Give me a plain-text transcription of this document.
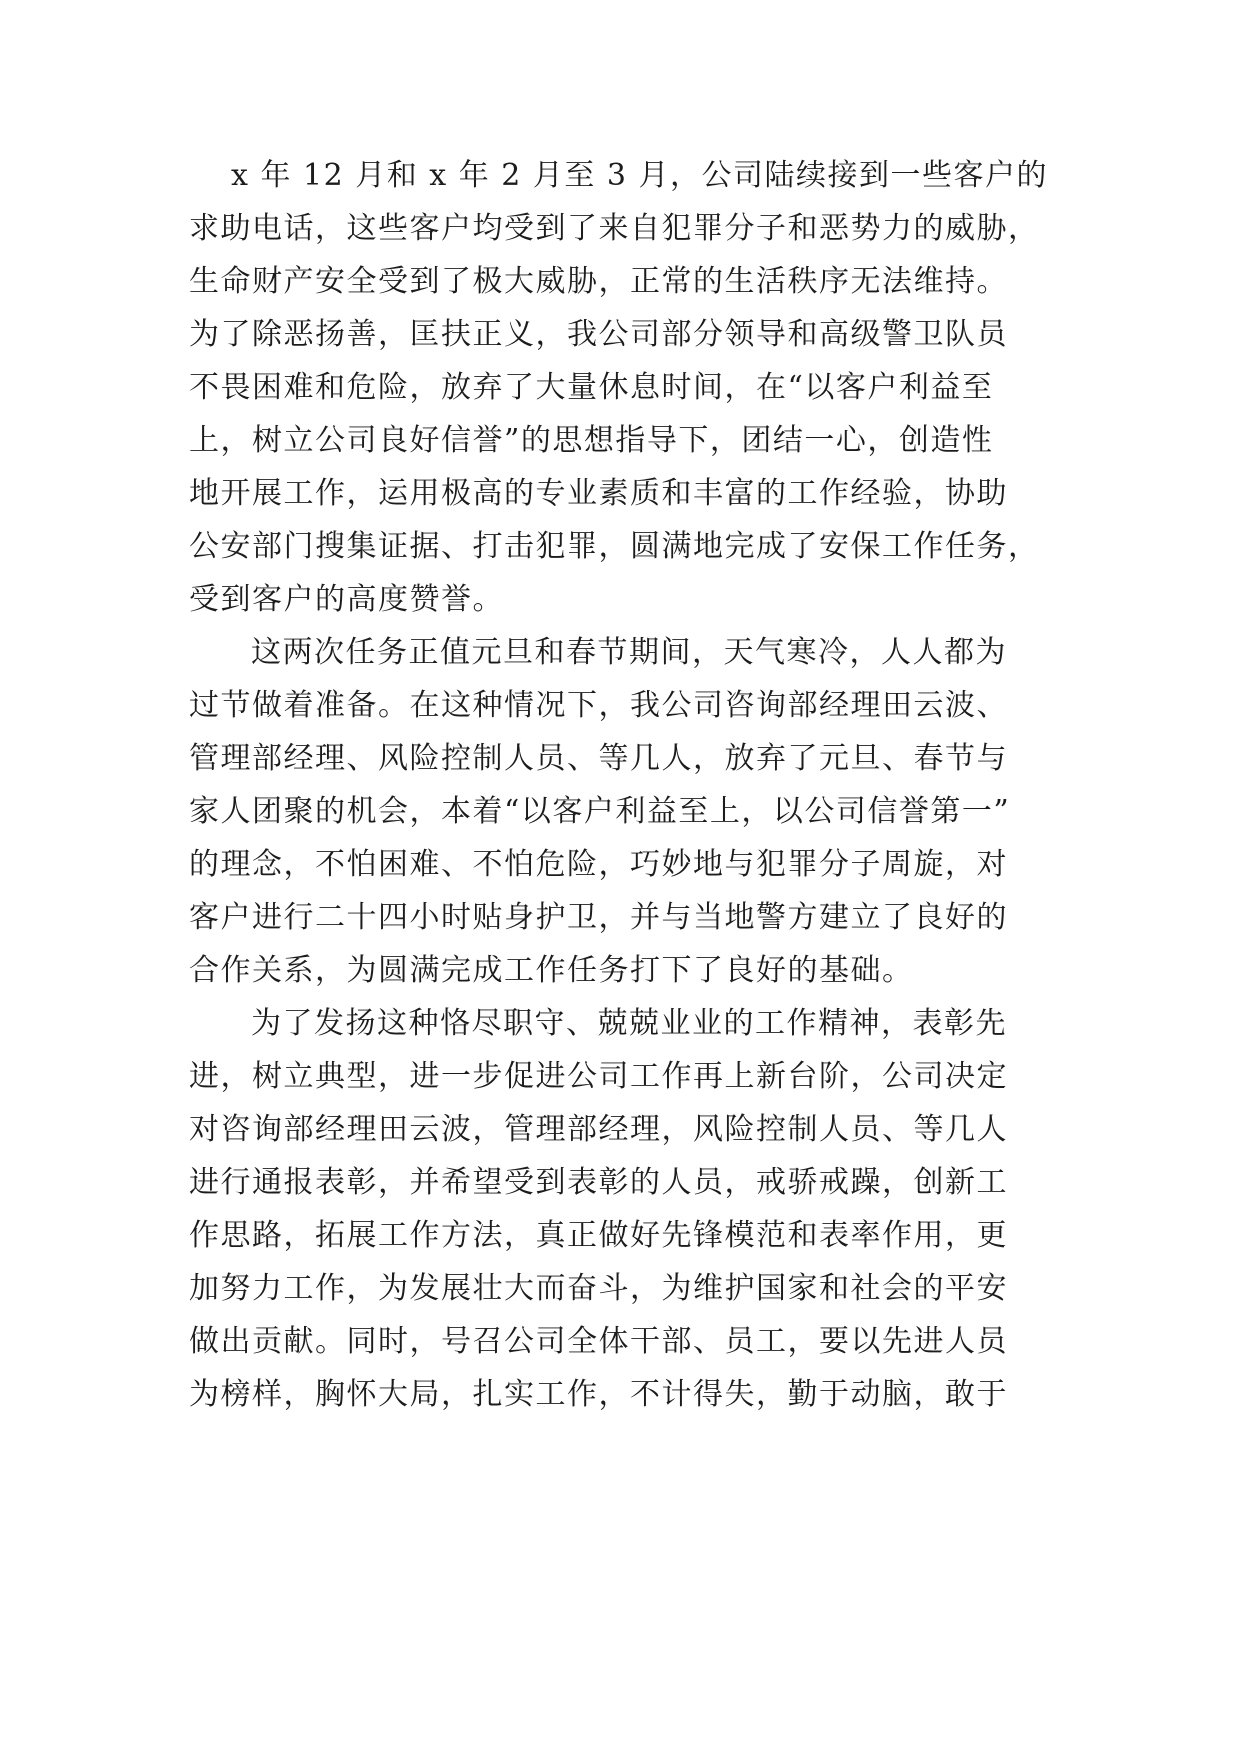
x 年 12 月和 x 年 2 月至 3 月，公司陆续接到一些客户的
求助电话，这些客户均受到了来自犯罪分子和恶势力的威胁，
生命财产安全受到了极大威胁，正常的生活秩序无法维持。
为了除恶扬善，匡扶正义，我公司部分领导和高级警卫队员
不畏困难和危险，放弃了大量休息时间，在“以客户利益至
上，树立公司良好信誉”的思想指导下，团结一心，创造性
地开展工作，运用极高的专业素质和丰富的工作经验，协助
公安部门搜集证据、打击犯罪，圆满地完成了安保工作任务，
受到客户的高度赞誉。
这两次任务正值元旦和春节期间，天气寒冷，人人都为
过节做着准备。在这种情况下，我公司咨询部经理田云波、
管理部经理、风险控制人员、等几人，放弃了元旦、春节与
家人团聚的机会，本着“以客户利益至上，以公司信誉第一”
的理念，不怕困难、不怕危险，巧妙地与犯罪分子周旋，对
客户进行二十四小时贴身护卫，并与当地警方建立了良好的
合作关系，为圆满完成工作任务打下了良好的基础。
为了发扬这种恪尽职守、兢兢业业的工作精神，表彰先
进，树立典型，进一步促进公司工作再上新台阶，公司决定
对咨询部经理田云波，管理部经理，风险控制人员、等几人
进行通报表彰，并希望受到表彰的人员，戒骄戒躁，创新工
作思路，拓展工作方法，真正做好先锋模范和表率作用，更
加努力工作，为发展壮大而奋斗，为维护国家和社会的平安
做出贡献。同时，号召公司全体干部、员工，要以先进人员
为榜样，胸怀大局，扎实工作，不计得失，勤于动脑，敢于
